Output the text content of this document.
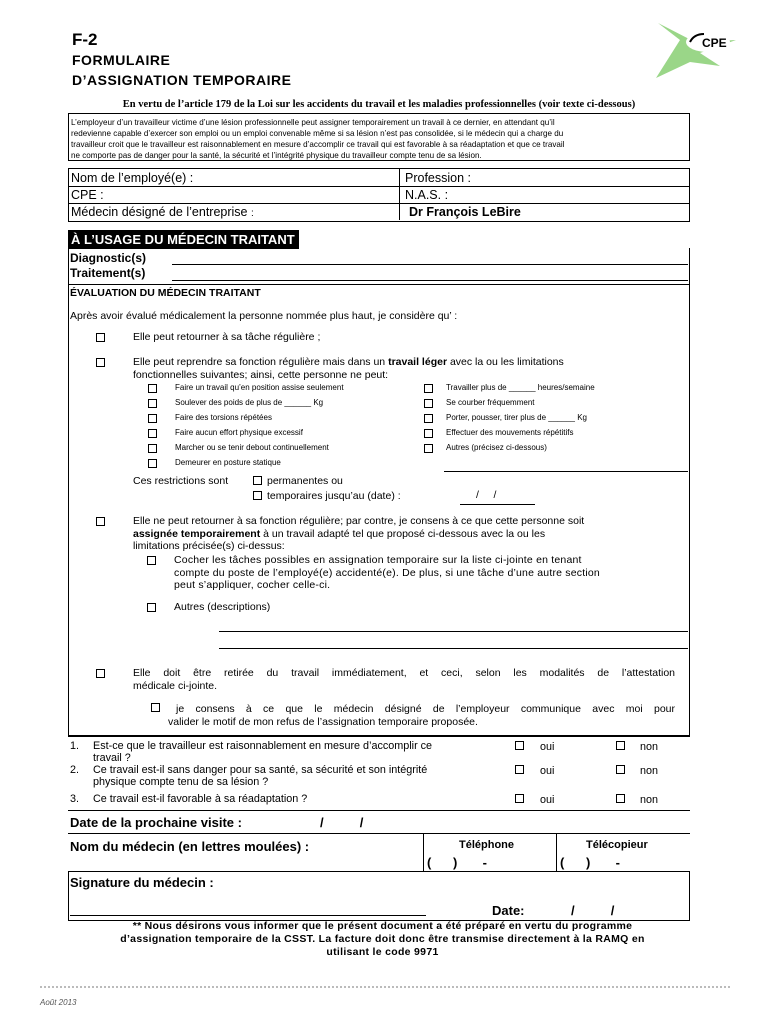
F-2
FORMULAIRE
D’ASSIGNATION TEMPORAIRE
CPE
En vertu de l’article 179 de la Loi sur les accidents du travail et les maladies professionnelles (voir texte ci-dessous)
L’employeur d’un travailleur victime d’une lésion professionnelle peut assigner temporairement un travail à ce dernier, en attendant qu’il
redevienne capable d’exercer son emploi ou un emploi convenable même si sa lésion n’est pas consolidée, si le médecin qui a charge du
travailleur croit que le travailleur est raisonnablement en mesure d’accomplir ce travail qui est favorable à sa réadaptation et que ce travail
ne comporte pas de danger pour la santé, la sécurité et l’intégrité physique du travailleur compte tenu de sa lésion.
Nom de l’employé(e) :	Profession :
CPE :	N.A.S. :
Médecin désigné de l’entreprise :	Dr François LeBire
À L’USAGE DU MÉDECIN TRAITANT
Diagnostic(s)
Traitement(s)
ÉVALUATION DU MÉDECIN TRAITANT
Après avoir évalué médicalement la personne nommée plus haut, je considère qu’ :
Elle peut retourner à sa tâche régulière ;
Elle peut reprendre sa fonction régulière mais dans un travail léger avec la ou les limitations
fonctionnelles suivantes; ainsi, cette personne ne peut:
Faire un travail qu’en position assise seulement
Soulever des poids de plus de ______ Kg
Faire des torsions répétées
Faire aucun effort physique excessif
Marcher ou se tenir debout continuellement
Demeurer en posture statique
Travailler plus de ______ heures/semaine
Se courber fréquemment
Porter, pousser, tirer plus de ______ Kg
Effectuer des mouvements répétitifs
Autres (précisez ci-dessous)
Ces restrictions sont	permanentes ou
temporaires jusqu’au (date) :	/     /
Elle ne peut retourner à sa fonction régulière; par contre, je consens à ce que cette personne soit
assignée temporairement à un travail adapté tel que proposé ci-dessous avec la ou les
limitations précisée(s) ci-dessus:
Cocher les tâches possibles en assignation temporaire sur la liste ci-jointe en tenant
compte du poste de l’employé(e) accidenté(e). De plus, si une tâche d’une autre section
peut s’appliquer, cocher celle-ci.
Autres (descriptions)
Elle doit être retirée du travail immédiatement, et ceci, selon les modalités de l’attestation
médicale ci-jointe.
je consens à ce que le médecin désigné de l’employeur communique avec moi pour
valider le motif de mon refus de l’assignation temporaire proposée.
1. Est-ce que le travailleur est raisonnablement en mesure d’accomplir ce
travail ?
oui	non
2. Ce travail est-il sans danger pour sa santé, sa sécurité et son intégrité
physique compte tenu de sa lésion ?
oui	non
3. Ce travail est-il favorable à sa réadaptation ?	oui	non
Date de la prochaine visite :	/          /
Nom du médecin (en lettres moulées) :	Téléphone	Télécopieur
(      )       -	(      )       -
Signature du médecin :
Date:	/          /
** Nous désirons vous informer que le présent document a été préparé en vertu du programme
d’assignation temporaire de la CSST. La facture doit donc être transmise directement à la RAMQ en
utilisant le code 9971
Août 2013
